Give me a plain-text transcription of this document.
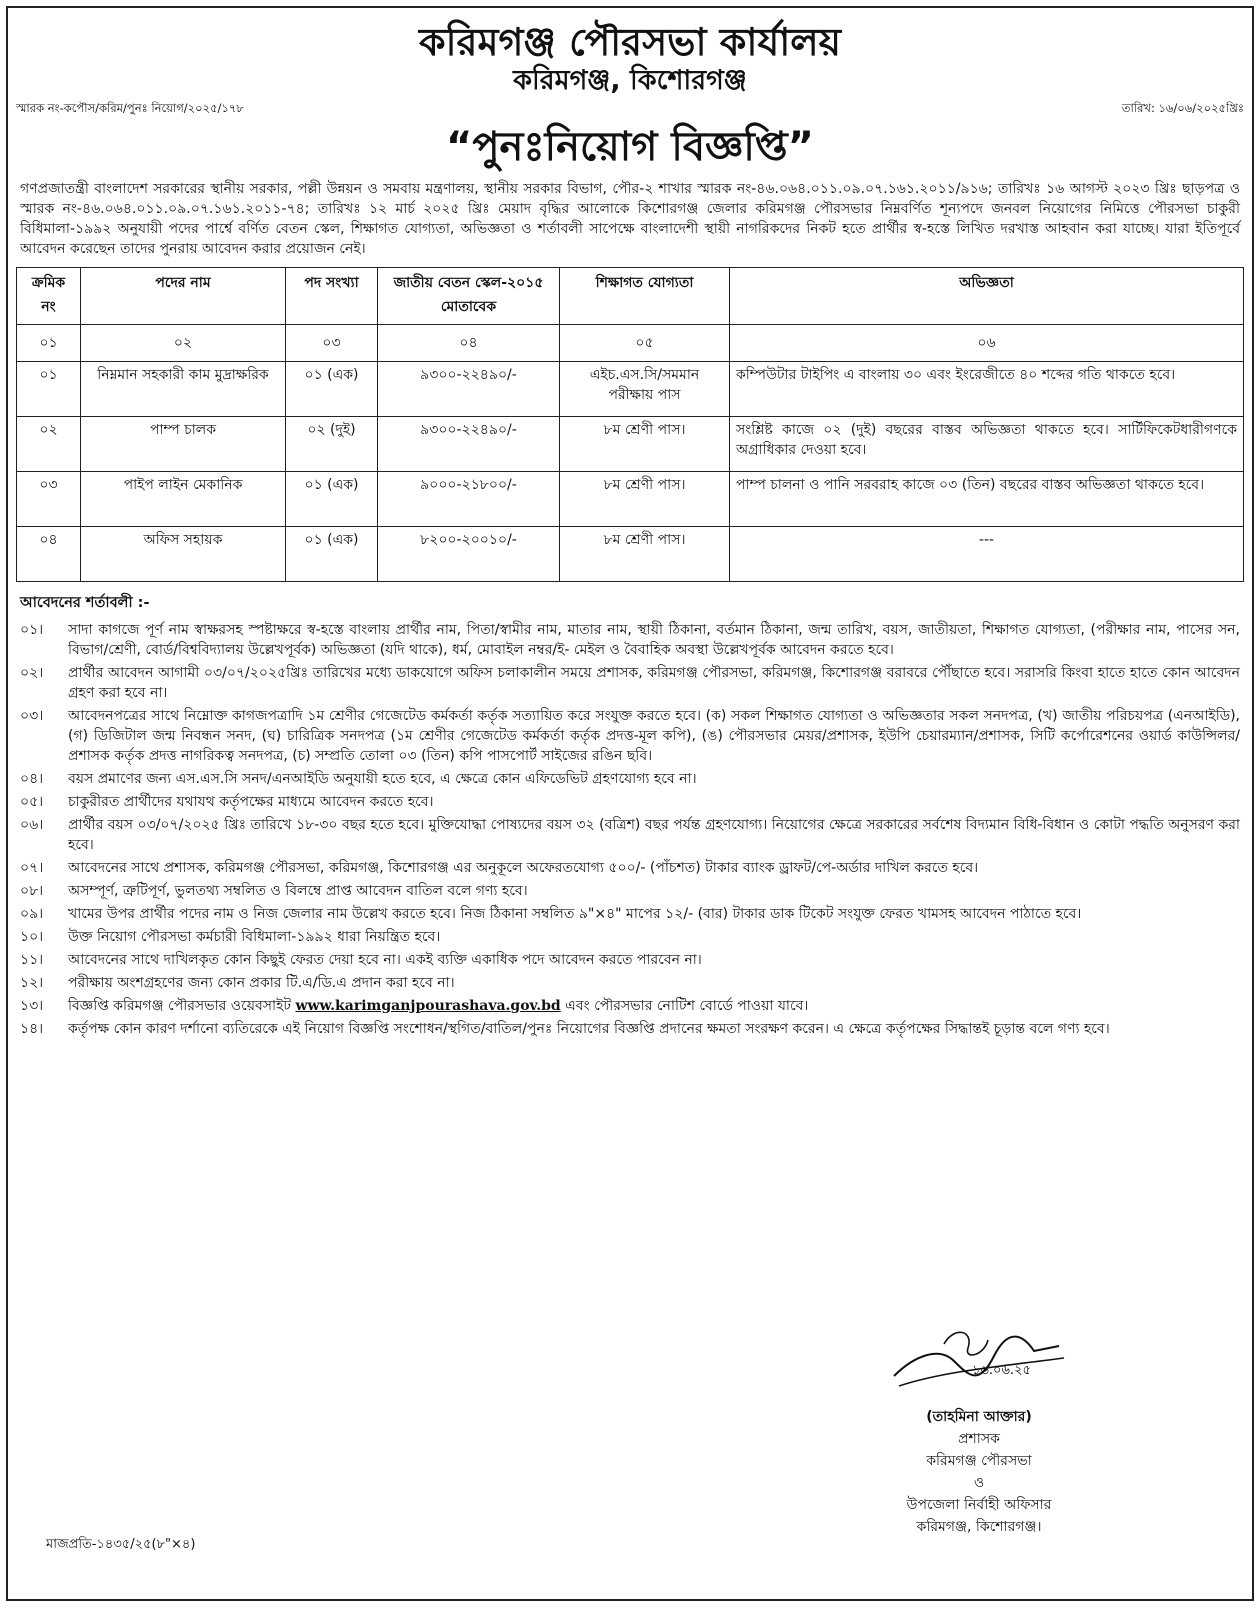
করিমগঞ্জ পৌরসভা কার্যালয়
করিমগঞ্জ, কিশোরগঞ্জ
স্মারক নং-কপৌস/করিম/পুনঃ নিয়োগ/২০২৫/১৭৮	তারিখ: ১৬/০৬/২০২৫খ্রিঃ
“পুনঃনিয়োগ বিজ্ঞপ্তি”
গণপ্রজাতন্ত্রী বাংলাদেশ সরকারের স্থানীয় সরকার, পল্লী উন্নয়ন ও সমবায় মন্ত্রণালয়, স্থানীয় সরকার বিভাগ, পৌর-২ শাখার স্মারক নং-৪৬.০৬৪.০১১.০৯.০৭.১৬১.২০১১/৯১৬; তারিখঃ ১৬ আগস্ট ২০২৩ খ্রিঃ ছাড়পত্র ও স্মারক নং-৪৬.০৬৪.০১১.০৯.০৭.১৬১.২০১১-৭৪; তারিখঃ ১২ মার্চ ২০২৫ খ্রিঃ মেয়াদ বৃদ্ধির আলোকে কিশোরগঞ্জ জেলার করিমগঞ্জ পৌরসভার নিম্নবর্ণিত শূন্যপদে জনবল নিয়োগের নিমিত্তে পৌরসভা চাকুরী বিধিমালা-১৯৯২ অনুযায়ী পদের পার্শ্বে বর্ণিত বেতন স্কেল, শিক্ষাগত যোগ্যতা, অভিজ্ঞতা ও শর্তাবলী সাপেক্ষে বাংলাদেশী স্থায়ী নাগরিকদের নিকট হতে প্রার্থীর স্ব-হস্তে লিখিত দরখাস্ত আহবান করা যাচ্ছে। যারা ইতিপূর্বে আবেদন করেছেন তাদের পুনরায় আবেদন করার প্রয়োজন নেই।
ক্রমিক নং	পদের নাম	পদ সংখ্যা	জাতীয় বেতন স্কেল-২০১৫ মোতাবেক	শিক্ষাগত যোগ্যতা	অভিজ্ঞতা
০১	০২	০৩	০৪	০৫	০৬
০১	নিম্নমান সহকারী কাম মুদ্রাক্ষরিক	০১ (এক)	৯৩০০-২২৪৯০/-	এইচ.এস.সি/সমমান পরীক্ষায় পাস	কম্পিউটার টাইপিং এ বাংলায় ৩০ এবং ইংরেজীতে ৪০ শব্দের গতি থাকতে হবে।
০২	পাম্প চালক	০২ (দুই)	৯৩০০-২২৪৯০/-	৮ম শ্রেণী পাস।	সংশ্লিষ্ট কাজে ০২ (দুই) বছরের বাস্তব অভিজ্ঞতা থাকতে হবে। সার্টিফিকেটধারীগণকে অগ্রাধিকার দেওয়া হবে।
০৩	পাইপ লাইন মেকানিক	০১ (এক)	৯০০০-২১৮০০/-	৮ম শ্রেণী পাস।	পাম্প চালনা ও পানি সরবরাহ কাজে ০৩ (তিন) বছরের বাস্তব অভিজ্ঞতা থাকতে হবে।
০৪	অফিস সহায়ক	০১ (এক)	৮২০০-২০০১০/-	৮ম শ্রেণী পাস।	---
আবেদনের শর্তাবলী :-
০১।	সাদা কাগজে পূর্ণ নাম স্বাক্ষরসহ স্পষ্টাক্ষরে স্ব-হস্তে বাংলায় প্রার্থীর নাম, পিতা/স্বামীর নাম, মাতার নাম, স্থায়ী ঠিকানা, বর্তমান ঠিকানা, জন্ম তারিখ, বয়স, জাতীয়তা, শিক্ষাগত যোগ্যতা, (পরীক্ষার নাম, পাসের সন, বিভাগ/শ্রেণী, বোর্ড/বিশ্ববিদ্যালয় উল্লেখপূর্বক) অভিজ্ঞতা (যদি থাকে), ধর্ম, মোবাইল নম্বর/ই- মেইল ও বৈবাহিক অবস্থা উল্লেখপূর্বক আবেদন করতে হবে।
০২।	প্রার্থীর আবেদন আগামী ০৩/০৭/২০২৫খ্রিঃ তারিখের মধ্যে ডাকযোগে অফিস চলাকালীন সময়ে প্রশাসক, করিমগঞ্জ পৌরসভা, করিমগঞ্জ, কিশোরগঞ্জ বরাবরে পৌঁছাতে হবে। সরাসরি কিংবা হাতে হাতে কোন আবেদন গ্রহণ করা হবে না।
০৩।	আবেদনপত্রের সাথে নিম্নোক্ত কাগজপত্রাদি ১ম শ্রেণীর গেজেটেড কর্মকর্তা কর্তৃক সত্যায়িত করে সংযুক্ত করতে হবে। (ক) সকল শিক্ষাগত যোগ্যতা ও অভিজ্ঞতার সকল সনদপত্র, (খ) জাতীয় পরিচয়পত্র (এনআইডি), (গ) ডিজিটাল জন্ম নিবন্ধন সনদ, (ঘ) চারিত্রিক সনদপত্র (১ম শ্রেণীর গেজেটেড কর্মকর্তা কর্তৃক প্রদত্ত-মূল কপি), (ঙ) পৌরসভার মেয়র/প্রশাসক, ইউপি চেয়ারম্যান/প্রশাসক, সিটি কর্পোরেশনের ওয়ার্ড কাউন্সিলর/প্রশাসক কর্তৃক প্রদত্ত নাগরিকত্ব সনদপত্র, (চ) সম্প্রতি তোলা ০৩ (তিন) কপি পাসপোর্ট সাইজের রঙিন ছবি।
০৪।	বয়স প্রমাণের জন্য এস.এস.সি সনদ/এনআইডি অনুযায়ী হতে হবে, এ ক্ষেত্রে কোন এফিডেভিট গ্রহণযোগ্য হবে না।
০৫।	চাকুরীরত প্রার্থীদের যথাযথ কর্তৃপক্ষের মাধ্যমে আবেদন করতে হবে।
০৬।	প্রার্থীর বয়স ০৩/০৭/২০২৫ খ্রিঃ তারিখে ১৮-৩০ বছর হতে হবে। মুক্তিযোদ্ধা পোষ্যদের বয়স ৩২ (বত্রিশ) বছর পর্যন্ত গ্রহণযোগ্য। নিয়োগের ক্ষেত্রে সরকারের সর্বশেষ বিদ্যমান বিধি-বিধান ও কোটা পদ্ধতি অনুসরণ করা হবে।
০৭।	আবেদনের সাথে প্রশাসক, করিমগঞ্জ পৌরসভা, করিমগঞ্জ, কিশোরগঞ্জ এর অনুকূলে অফেরতযোগ্য ৫০০/- (পাঁচশত) টাকার ব্যাংক ড্রাফট/পে-অর্ডার দাখিল করতে হবে।
০৮।	অসম্পূর্ণ, ত্রুটিপূর্ণ, ভুলতথ্য সম্বলিত ও বিলম্বে প্রাপ্ত আবেদন বাতিল বলে গণ্য হবে।
০৯।	খামের উপর প্রার্থীর পদের নাম ও নিজ জেলার নাম উল্লেখ করতে হবে। নিজ ঠিকানা সম্বলিত ৯"×৪" মাপের ১২/- (বার) টাকার ডাক টিকেট সংযুক্ত ফেরত খামসহ আবেদন পাঠাতে হবে।
১০।	উক্ত নিয়োগ পৌরসভা কর্মচারী বিধিমালা-১৯৯২ ধারা নিয়ন্ত্রিত হবে।
১১।	আবেদনের সাথে দাখিলকৃত কোন কিছুই ফেরত দেয়া হবে না। একই ব্যক্তি একাধিক পদে আবেদন করতে পারবেন না।
১২।	পরীক্ষায় অংশগ্রহণের জন্য কোন প্রকার টি.এ/ডি.এ প্রদান করা হবে না।
১৩।	বিজ্ঞপ্তি করিমগঞ্জ পৌরসভার ওয়েবসাইট www.karimganjpourashava.gov.bd এবং পৌরসভার নোটিশ বোর্ডে পাওয়া যাবে।
১৪।	কর্তৃপক্ষ কোন কারণ দর্শানো ব্যতিরেকে এই নিয়োগ বিজ্ঞপ্তি সংশোধন/স্থগিত/বাতিল/পুনঃ নিয়োগের বিজ্ঞপ্তি প্রদানের ক্ষমতা সংরক্ষণ করেন। এ ক্ষেত্রে কর্তৃপক্ষের সিদ্ধান্তই চূড়ান্ত বলে গণ্য হবে।
১৬.০৬.২৫
(তাহমিনা আক্তার)
প্রশাসক
করিমগঞ্জ পৌরসভা
ও
উপজেলা নির্বাহী অফিসার
করিমগঞ্জ, কিশোরগঞ্জ।
মাজপ্রতি-১৪৩৫/২৫(৮"×৪)
